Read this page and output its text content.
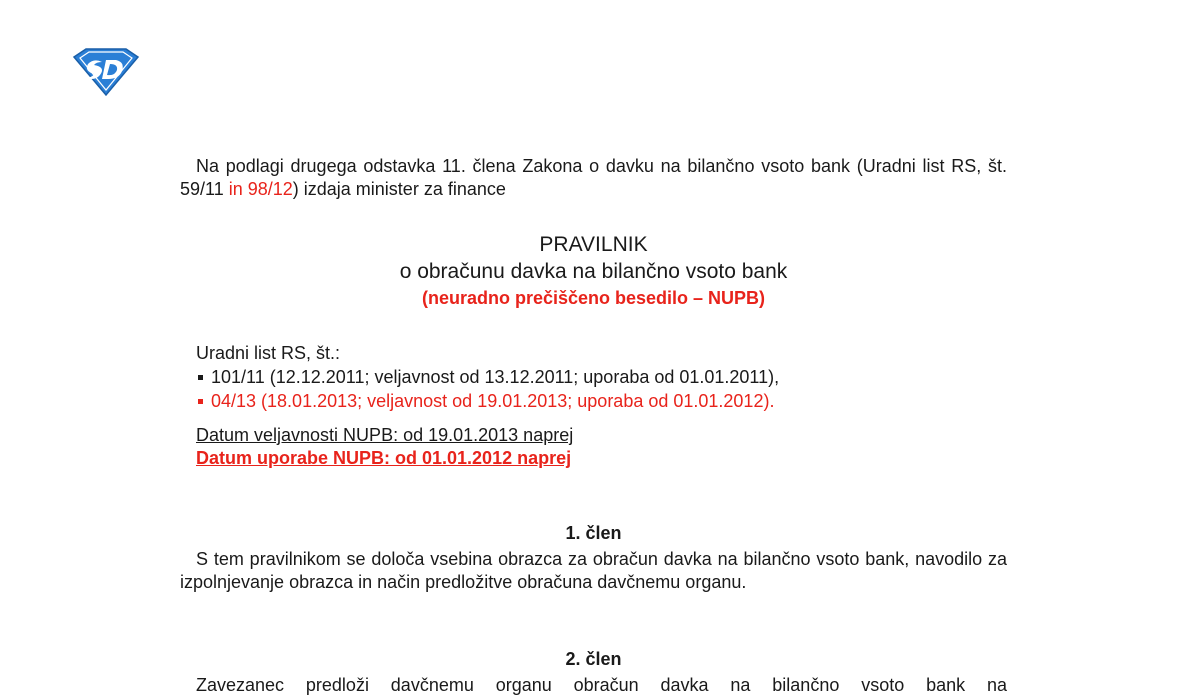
Na podlagi drugega odstavka 11. člena Zakona o davku na bilančno vsoto bank (Uradni list RS, št. 59/11 in 98/12) izdaja minister za finance

PRAVILNIK
o obračunu davka na bilančno vsoto bank
(neuradno prečiščeno besedilo – NUPB)
Uradni list RS, št.:
101/11 (12.12.2011; veljavnost od 13.12.2011; uporaba od 01.01.2011),
04/13 (18.01.2013; veljavnost od 19.01.2013; uporaba od 01.01.2012).
Datum veljavnosti NUPB: od 19.01.2013 naprej
Datum uporabe NUPB: od 01.01.2012 naprej
1. člen

S tem pravilnikom se določa vsebina obrazca za obračun davka na bilančno vsoto bank, navodilo za izpolnjevanje obrazca in način predložitve obračuna davčnemu organu.

2. člen

Zavezanec predloži davčnemu organu obračun davka na bilančno vsoto bank na
